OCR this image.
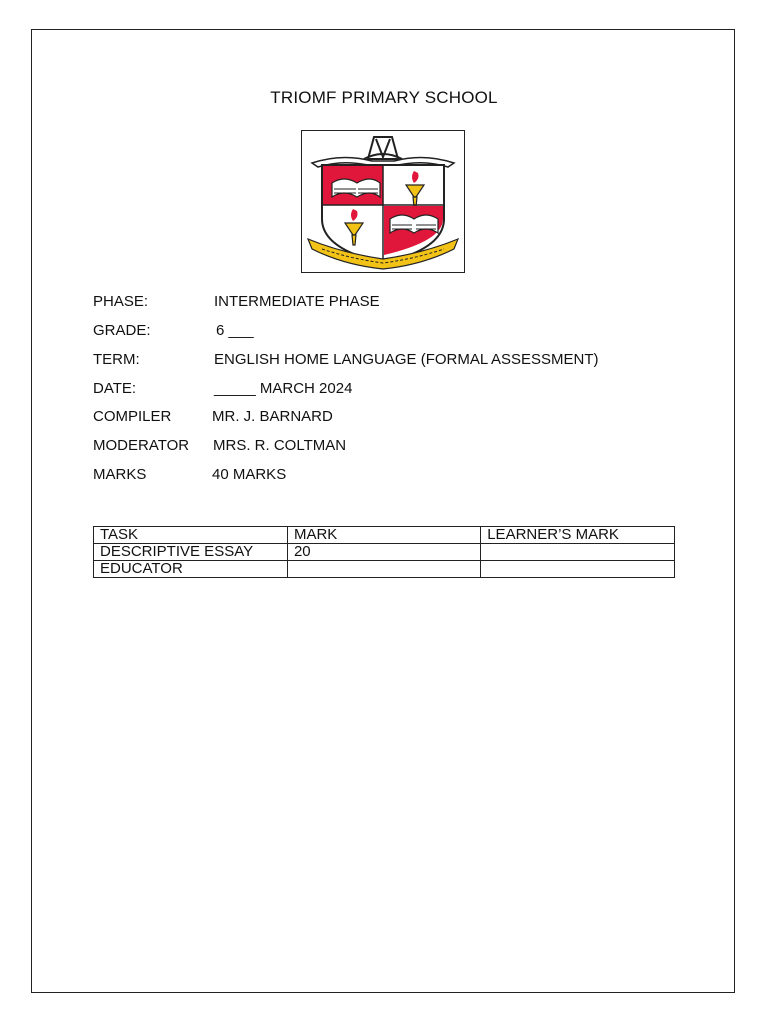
TRIOMF PRIMARY SCHOOL
PHASE:	INTERMEDIATE PHASE
GRADE:	6 ___
TERM:	ENGLISH HOME LANGUAGE (FORMAL ASSESSMENT)
DATE:	_____ MARCH 2024
COMPILER	MR. J. BARNARD
MODERATOR MRS. R. COLTMAN
MARKS	40 MARKS
TASK	MARK	LEARNER’S MARK
DESCRIPTIVE ESSAY	20	
EDUCATOR		
